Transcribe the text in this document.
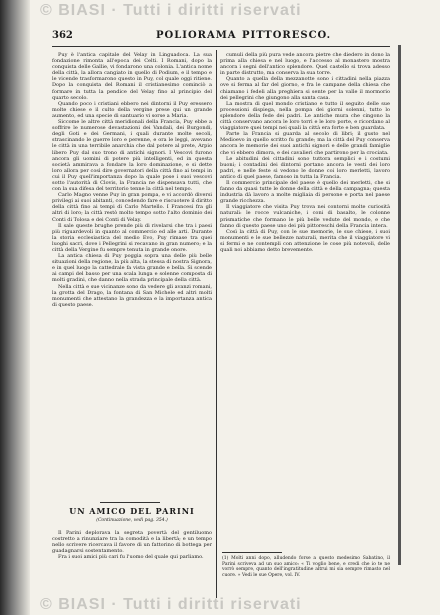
© BIASI · Tutti i diritti riservati
362	POLIORAMA PITTORESCO.

Puy è l'antica capitale del Velay in Linguadoca. La sua fondazione rimonta all'epoca dei Celti. I Romani, dopo la conquista delle Gallie, vi fondarono una colonia. L'antica nome della città, la allora cangiato in quello di Podium, e il tempo e le vicende trasformarono questo in Puy, col quale oggi ritiene. Dopo la conquista del Romani il cristianesimo cominciò a formare in tutta la pendice del Velay fino al principio del quarto secolo.

Quando poco i cristiani ebbero nei dintorni il Puy eressero molte chiese e il culto della vergine prese qui un grande aumento, ed una specie di santuario vi sorse a Maria.

Siccome le altre città meridionali della Francia, Puy ebbe a soffrire le numerose devastazioni dei Vandali, dei Burgondi, degli Goti e dei Germani, i quali durante molte secoli, strascinando le guerre loro e perenne, e ora le leggi, avevano le città in una terribile anarchia che dal potere al prete, Arpio libero Puy dal suo trono di antichi signori. I Vescovi furono ancora gli uomini di potere più intelligenti, ed in questa società ammirava a fondare la loro dominazione, e si dette loro allora per così dire governatori della città fino ai tempi in cui il Puy quell'importanza dopo la quale pose i suoi vescovi sotto l'autorità di Clovis, la Francia ne dispensava tutti, che con la sua difesa del territorio tenne la città nel tempo.

Carlo Magno venne Puy in gran pompa, e vi accordò diversi privilegi ai suoi abitanti, concedendo fare e riscuotere il diritto della città fino ai tempi di Carlo Martello. I Francesi fra gli altri di loro; la città restò molto tempo sotto l'alto dominio dei Conti di Tolosa e dei Conti di Velay.

Il sale queste brughe prende più di rivelarsi che tra i paesi più riguardevoli in quanto al commercio ed alle arti. Durante la storia ecclesiastica del medio Evo, Puy rimase tra quei luoghi sacri, dove i Pellegrini si recavano in gran numero; e la città della Vergine fu sempre tenuta in grande onore.

La antica chiesa di Puy poggia sopra una delle più belle situazioni della regione, la più alta, la stessa di nostra Signora, e in quel luogo la cattedrale fa vista grande e bella. Si scende ai campi del basso per una scala lunga e solenne composta di molti gradini, che danno nella strada principale della città.

Nella città e sue vicinanze sono da vedere gli avanzi romani, la grotta del Drago, la fontana di San Michele ed altri molti monumenti che attestano la grandezza e la importanza antica di questo paese.

UN AMICO DEL PARINI
(Continuazione, vedi pag. 354.)

Il Parini deplorava la segreta povertà del gentiluomo costretto a rinunziare tra la comodità e la libertà; e un tempo nello scrivere ricercava il favore di un fattorino di bottega per guadagnarsi sostentamento.

Fra i suoi amici più cari fu l'uomo del quale qui parliamo.

cumuli della più pura vede ancora pietre che diedero in dono la prima alla chiesa e nel luogo, e l'accesso al monastero mostra ancora i segni dell'antico splendore. Quel castello si trova adesso in parte distrutto, ma conserva la sua torre.

Quanto a quella della mezzanotte sono i cittadini nella piazza ove si ferma al far del giorno, e fra le campane della chiesa che chiamano i fedeli alla preghiera si sente per la valle il mormorio dei pellegrini che giungono alla santa casa.

La mostra di quel mondo cristiano e tutto il seguito delle sue processioni dispiega, nella pompa dei giorni solenni, tutto lo splendore della fede dei padri. Le antiche mura che cingono la città conservano ancora le loro torri e le loro porte, e ricordano al viaggiatore quei tempi nei quali la città era forte e ben guardata.

Parte la Francia si guarda al secolo di libri; il gusto nel Medioevo in quello scritto fu grande; ma la città del Puy conserva ancora le memorie dei suoi antichi signori e delle grandi famiglie che vi ebbero dimora, e dei cavalieri che partirono per la crociata.

Le abitudini dei cittadini sono tuttora semplici e i costumi buoni; i contadini dei dintorni portano ancora le vesti dei loro padri, e nelle feste si vedono le donne coi loro merletti, lavoro antico di quel paese, famoso in tutta la Francia.

Il commercio principale del paese è quello dei merletti, che si fanno da quasi tutte le donne della città e della campagna; questa industria dà lavoro a molte migliaia di persone e porta nel paese grande ricchezza.

Il viaggiatore che visita Puy trova nei contorni molte curiosità naturali: le rocce vulcaniche, i coni di basalto, le colonne prismatiche che formano le più belle vedute del mondo, e che fanno di questo paese uno dei più pittoreschi della Francia intera.

Così la città di Puy, con le sue memorie, le sue chiese, i suoi monumenti e le sue bellezze naturali, merita che il viaggiatore vi si fermi e ne contempli con attenzione le cose più notevoli, delle quali noi abbiamo detto brevemente.

(1) Molti anni dopo, alludendo forse a questo medesimo Sabatino, il Parini scriveva ad un suo amico: « Ti voglio bene, e credi che io te ne vorrò sempre, quanto dell'ingratitudine altrui mi sia sempre rimasto nel cuore. » Vedi le sue Opere, vol. IV.
© BIASI · Tutti i diritti riservati
